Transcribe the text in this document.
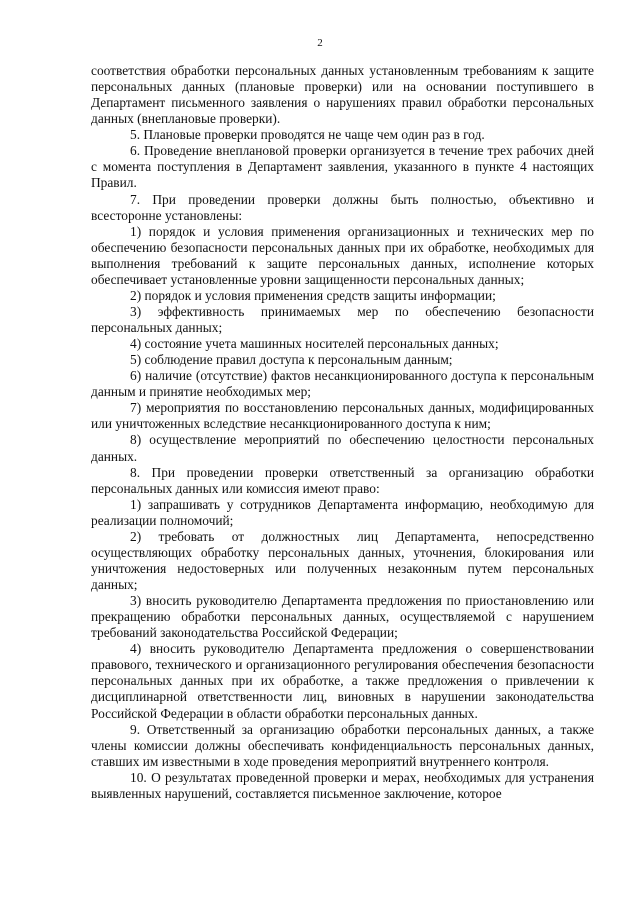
2

соответствия обработки персональных данных установленным требованиям к защите персональных данных (плановые проверки) или на основании поступившего в Департамент письменного заявления о нарушениях правил обработки персональных данных (внеплановые проверки).

5. Плановые проверки проводятся не чаще чем один раз в год.

6. Проведение внеплановой проверки организуется в течение трех рабочих дней с момента поступления в Департамент заявления, указанного в пункте 4 настоящих Правил.

7. При проведении проверки должны быть полностью, объективно и всесторонне установлены:

1) порядок и условия применения организационных и технических мер по обеспечению безопасности персональных данных при их обработке, необходимых для выполнения требований к защите персональных данных, исполнение которых обеспечивает установленные уровни защищенности персональных данных;

2) порядок и условия применения средств защиты информации;

3) эффективность принимаемых мер по обеспечению безопасности персональных данных;

4) состояние учета машинных носителей персональных данных;

5) соблюдение правил доступа к персональным данным;

6) наличие (отсутствие) фактов несанкционированного доступа к персональным данным и принятие необходимых мер;

7) мероприятия по восстановлению персональных данных, модифицированных или уничтоженных вследствие несанкционированного доступа к ним;

8) осуществление мероприятий по обеспечению целостности персональных данных.

8. При проведении проверки ответственный за организацию обработки персональных данных или комиссия имеют право:

1) запрашивать у сотрудников Департамента информацию, необходимую для реализации полномочий;

2) требовать от должностных лиц Департамента, непосредственно осуществляющих обработку персональных данных, уточнения, блокирования или уничтожения недостоверных или полученных незаконным путем персональных данных;

3) вносить руководителю Департамента предложения по приостановлению или прекращению обработки персональных данных, осуществляемой с нарушением требований законодательства Российской Федерации;

4) вносить руководителю Департамента предложения о совершенствовании правового, технического и организационного регулирования обеспечения безопасности персональных данных при их обработке, а также предложения о привлечении к дисциплинарной ответственности лиц, виновных в нарушении законодательства Российской Федерации в области обработки персональных данных.

9. Ответственный за организацию обработки персональных данных, а также члены комиссии должны обеспечивать конфиденциальность персональных данных, ставших им известными в ходе проведения мероприятий внутреннего контроля.

10. О результатах проведенной проверки и мерах, необходимых для устранения выявленных нарушений, составляется письменное заключение, которое
